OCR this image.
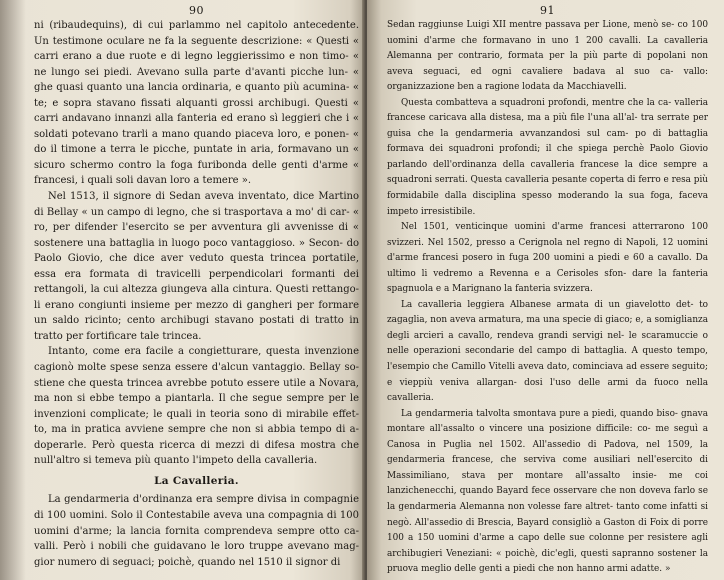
90

ni (ribaudequins), di cui parlammo nel capitolo antecedente. Un testimone oculare ne fa la seguente descrizione: « Questi « carri erano a due ruote e di legno leggierissimo e non timo- « ne lungo sei piedi. Avevano sulla parte d'avanti picche lun- « ghe quasi quanto una lancia ordinaria, e quanto più acumina- « te; e sopra stavano fissati alquanti grossi archibugi. Questi « carri andavano innanzi alla fanteria ed erano sì leggieri che i « soldati potevano trarli a mano quando piaceva loro, e ponen- « do il timone a terra le picche, puntate in aria, formavano un « sicuro schermo contro la foga furibonda delle genti d'arme « francesi, i quali soli davan loro a temere ».

Nel 1513, il signore di Sedan aveva inventato, dice Martino di Bellay « un campo di legno, che si trasportava a mo' di car- « ro, per difender l'esercito se per avventura gli avvenisse di « sostenere una battaglia in luogo poco vantaggioso. » Secon- do Paolo Giovio, che dice aver veduto questa trincea portatile, essa era formata di travicelli perpendicolari formanti dei rettangoli, la cui altezza giungeva alla cintura. Questi rettango- li erano congiunti insieme per mezzo di gangheri per formare un saldo ricinto; cento archibugi stavano postati di tratto in tratto per fortificare tale trincea.

Intanto, come era facile a congietturare, questa invenzione cagionò molte spese senza essere d'alcun vantaggio. Bellay so- stiene che questa trincea avrebbe potuto essere utile a Novara, ma non si ebbe tempo a piantarla. Il che segue sempre per le invenzioni complicate; le quali in teoria sono di mirabile effet- to, ma in pratica avviene sempre che non si abbia tempo di a- doperarle. Però questa ricerca di mezzi di difesa mostra che null'altro si temeva più quanto l'impeto della cavalleria.

La Cavalleria.

La gendarmeria d'ordinanza era sempre divisa in compagnie di 100 uomini. Solo il Contestabile aveva una compagnia di 100 uomini d'arme; la lancia fornita comprendeva sempre otto ca- valli. Però i nobili che guidavano le loro truppe avevano mag- gior numero di seguaci; poichè, quando nel 1510 il signor di

91

Sedan raggiunse Luigi XII mentre passava per Lione, menò se- co 100 uomini d'arme che formavano in uno 1 200 cavalli. La cavalleria Alemanna per contrario, formata per la più parte di popolani non aveva seguaci, ed ogni cavaliere badava al suo ca- vallo: organizzazione ben a ragione lodata da Macchiavelli.

Questa combatteva a squadroni profondi, mentre che la ca- valleria francese caricava alla distesa, ma a più file l'una all'al- tra serrate per guisa che la gendarmeria avvanzandosi sul cam- po di battaglia formava dei squadroni profondi; il che spiega perchè Paolo Giovio parlando dell'ordinanza della cavalleria francese la dice sempre a squadroni serrati. Questa cavalleria pesante coperta di ferro e resa più formidabile dalla disciplina spesso moderando la sua foga, faceva impeto irresistibile.

Nel 1501, venticinque uomini d'arme francesi atterrarono 100 svizzeri. Nel 1502, presso a Cerignola nel regno di Napoli, 12 uomini d'arme francesi posero in fuga 200 uomini a piedi e 60 a cavallo. Da ultimo li vedremo a Revenna e a Cerisoles sfon- dare la fanteria spagnuola e a Marignano la fanteria svizzera.

La cavalleria leggiera Albanese armata di un giavelotto det- to zagaglia, non aveva armatura, ma una specie di giaco; e, a somiglianza degli arcieri a cavallo, rendeva grandi servigi nel- le scaramuccie o nelle operazioni secondarie del campo di battaglia. A questo tempo, l'esempio che Camillo Vitelli aveva dato, cominciava ad essere seguito; e vieppiù veniva allargan- dosi l'uso delle armi da fuoco nella cavalleria.

La gendarmeria talvolta smontava pure a piedi, quando biso- gnava montare all'assalto o vincere una posizione difficile: co- me seguì a Canosa in Puglia nel 1502. All'assedio di Padova, nel 1509, la gendarmeria francese, che serviva come ausiliari nell'esercito di Massimiliano, stava per montare all'assalto insie- me coi lanzichenecchi, quando Bayard fece osservare che non doveva farlo se la gendarmeria Alemanna non volesse fare altret- tanto come infatti si negò. All'assedio di Brescia, Bayard consigliò a Gaston di Foix di porre 100 a 150 uomini d'arme a capo delle sue colonne per resistere agli archibugieri Veneziani: « poichè, dic'egli, questi sapranno sostener la pruova meglio delle genti a piedi che non hanno armi adatte. »
